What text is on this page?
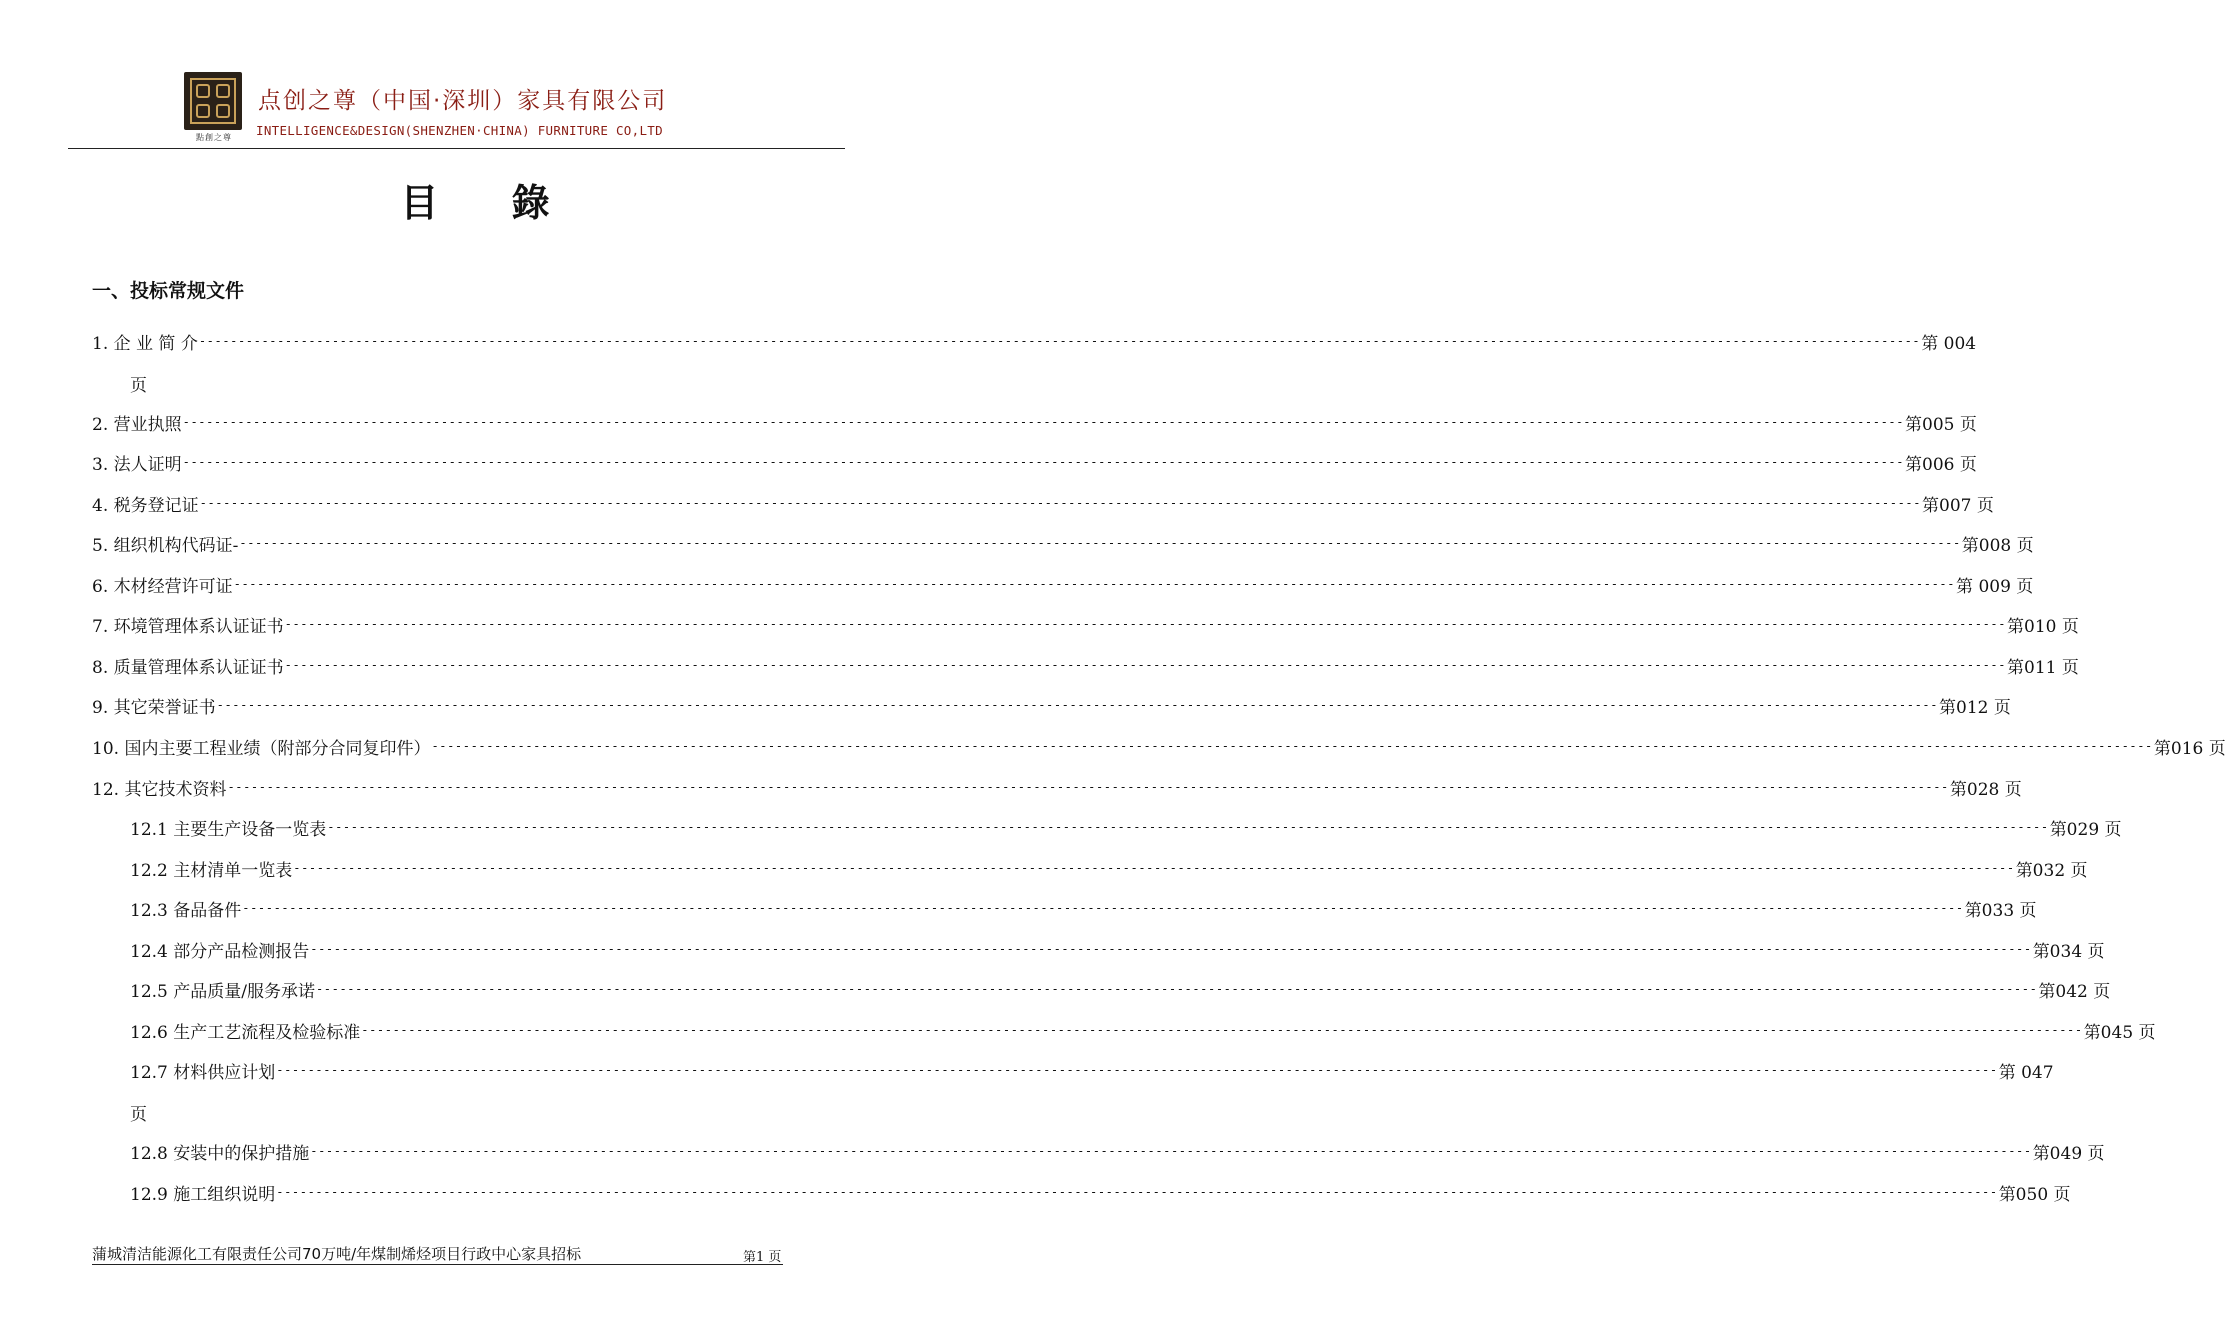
點創之尊
点创之尊（中国·深圳）家具有限公司
INTELLIGENCE&DESIGN(SHENZHEN·CHINA) FURNITURE CO,LTD
目 錄
一、投标常规文件
1. 企 业 简 介 ---------------------------------------------------------------------------------------------------------------------------------------------------------------------------------------------------------------------------- 第 004
页
2. 营业执照 ---------------------------------------------------------------------------------------------------------------------------------------------------------------------------------------------------------------------------- 第005 页
3. 法人证明 ---------------------------------------------------------------------------------------------------------------------------------------------------------------------------------------------------------------------------- 第006 页
4. 税务登记证 ---------------------------------------------------------------------------------------------------------------------------------------------------------------------------------------------------------------------------- 第007 页
5. 组织机构代码证- ---------------------------------------------------------------------------------------------------------------------------------------------------------------------------------------------------------------------------- 第008 页
6. 木材经营许可证 ---------------------------------------------------------------------------------------------------------------------------------------------------------------------------------------------------------------------------- 第 009 页
7. 环境管理体系认证证书 ---------------------------------------------------------------------------------------------------------------------------------------------------------------------------------------------------------------------------- 第010 页
8. 质量管理体系认证证书 ---------------------------------------------------------------------------------------------------------------------------------------------------------------------------------------------------------------------------- 第011 页
9. 其它荣誉证书 ---------------------------------------------------------------------------------------------------------------------------------------------------------------------------------------------------------------------------- 第012 页
10. 国内主要工程业绩（附部分合同复印件） ---------------------------------------------------------------------------------------------------------------------------------------------------------------------------------------------------------------------------- 第016 页
12. 其它技术资料 ---------------------------------------------------------------------------------------------------------------------------------------------------------------------------------------------------------------------------- 第028 页
12.1 主要生产设备一览表 ---------------------------------------------------------------------------------------------------------------------------------------------------------------------------------------------------------------------------- 第029 页
12.2 主材清单一览表 ---------------------------------------------------------------------------------------------------------------------------------------------------------------------------------------------------------------------------- 第032 页
12.3 备品备件 ---------------------------------------------------------------------------------------------------------------------------------------------------------------------------------------------------------------------------- 第033 页
12.4 部分产品检测报告 ---------------------------------------------------------------------------------------------------------------------------------------------------------------------------------------------------------------------------- 第034 页
12.5 产品质量/服务承诺 ---------------------------------------------------------------------------------------------------------------------------------------------------------------------------------------------------------------------------- 第042 页
12.6 生产工艺流程及检验标准 ---------------------------------------------------------------------------------------------------------------------------------------------------------------------------------------------------------------------------- 第045 页
12.7 材料供应计划 ---------------------------------------------------------------------------------------------------------------------------------------------------------------------------------------------------------------------------- 第 047
页
12.8 安装中的保护措施 ---------------------------------------------------------------------------------------------------------------------------------------------------------------------------------------------------------------------------- 第049 页
12.9 施工组织说明 ---------------------------------------------------------------------------------------------------------------------------------------------------------------------------------------------------------------------------- 第050 页
蒲城清洁能源化工有限责任公司70万吨/年煤制烯烃项目行政中心家具招标	第1 页
